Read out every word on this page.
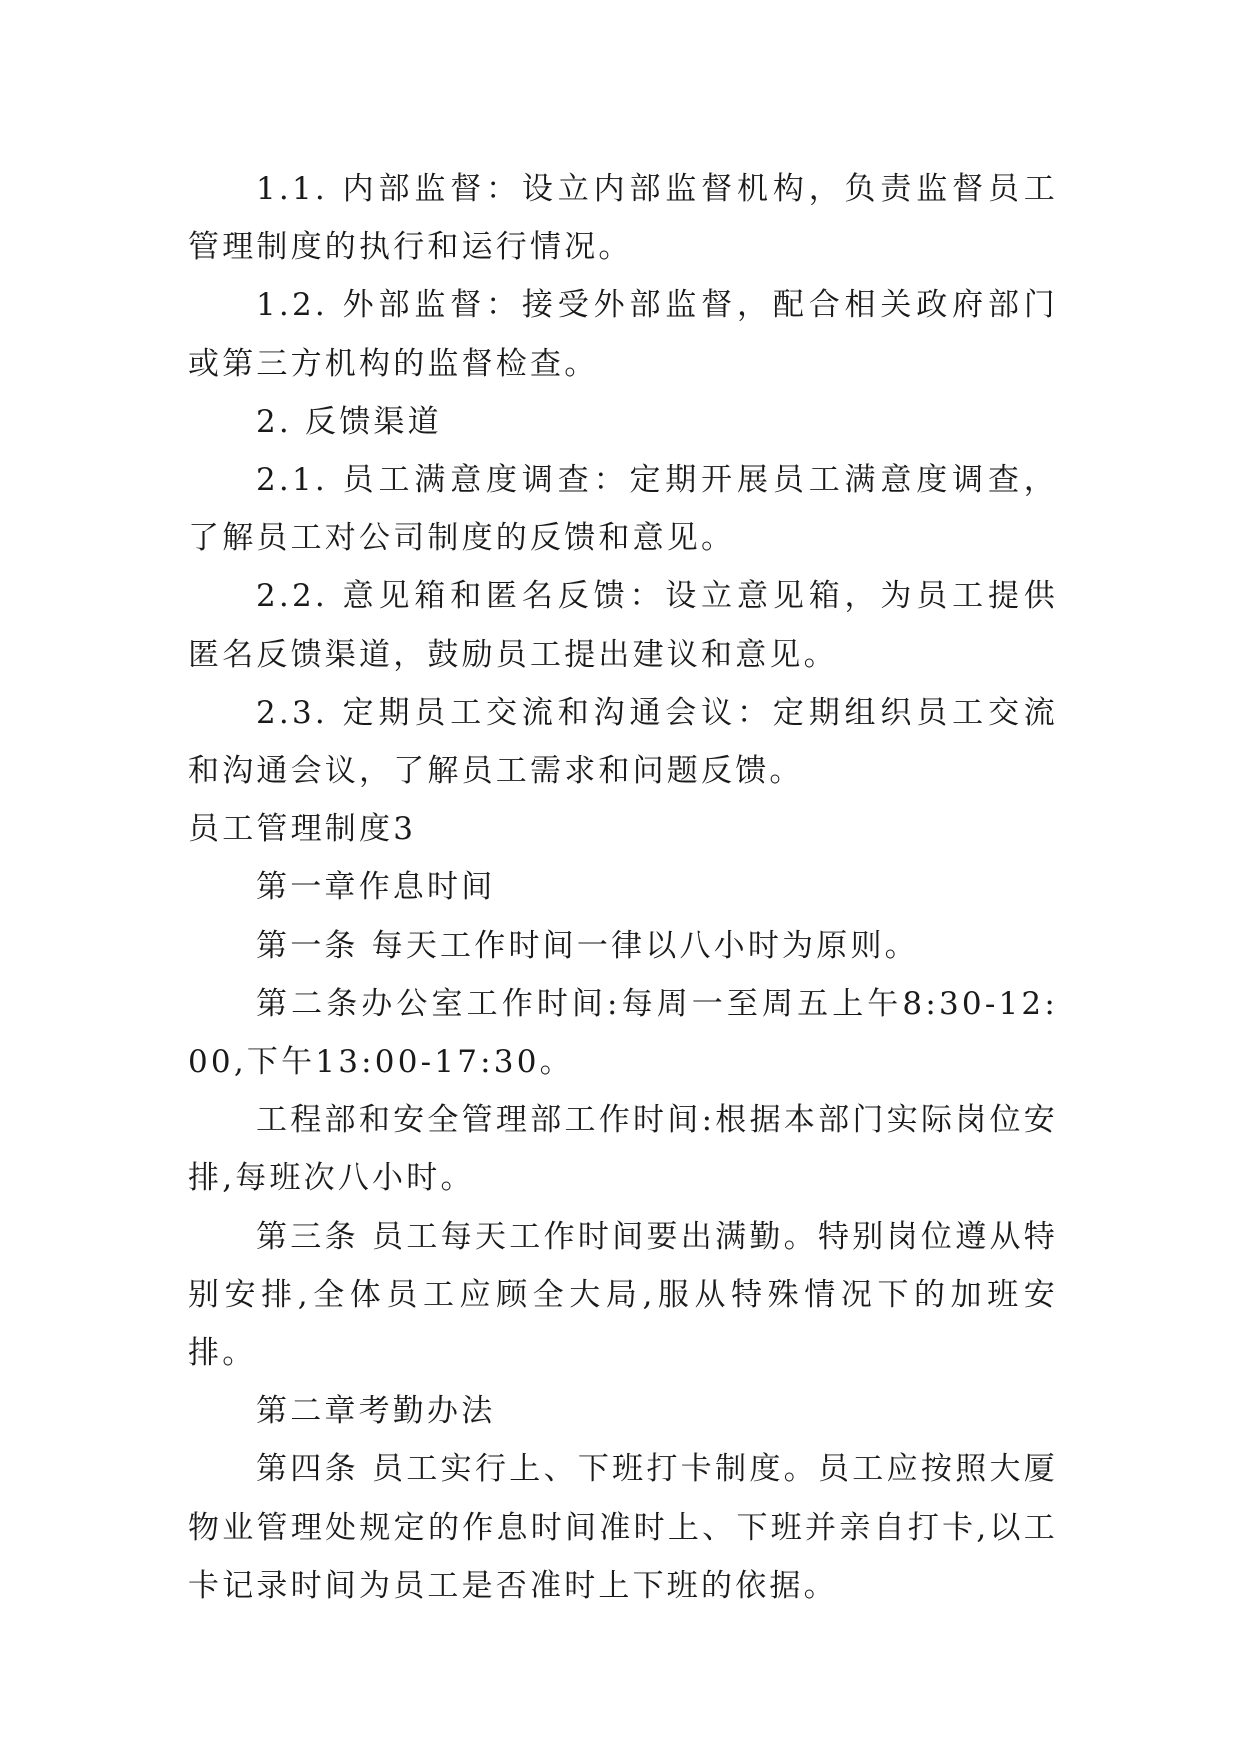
1.1. 内部监督：设立内部监督机构，负责监督员工管理制度的执行和运行情况。

1.2. 外部监督：接受外部监督，配合相关政府部门或第三方机构的监督检查。

2. 反馈渠道

2.1. 员工满意度调查：定期开展员工满意度调查，了解员工对公司制度的反馈和意见。

2.2. 意见箱和匿名反馈：设立意见箱，为员工提供匿名反馈渠道，鼓励员工提出建议和意见。

2.3. 定期员工交流和沟通会议：定期组织员工交流和沟通会议，了解员工需求和问题反馈。

员工管理制度3

第一章作息时间

第一条 每天工作时间一律以八小时为原则。

第二条办公室工作时间:每周一至周五上午8:30-12:00,下午13:00-17:30。

工程部和安全管理部工作时间:根据本部门实际岗位安排,每班次八小时。

第三条 员工每天工作时间要出满勤。特别岗位遵从特别安排,全体员工应顾全大局,服从特殊情况下的加班安排。

第二章考勤办法

第四条 员工实行上、下班打卡制度。员工应按照大厦物业管理处规定的作息时间准时上、下班并亲自打卡,以工卡记录时间为员工是否准时上下班的依据。
